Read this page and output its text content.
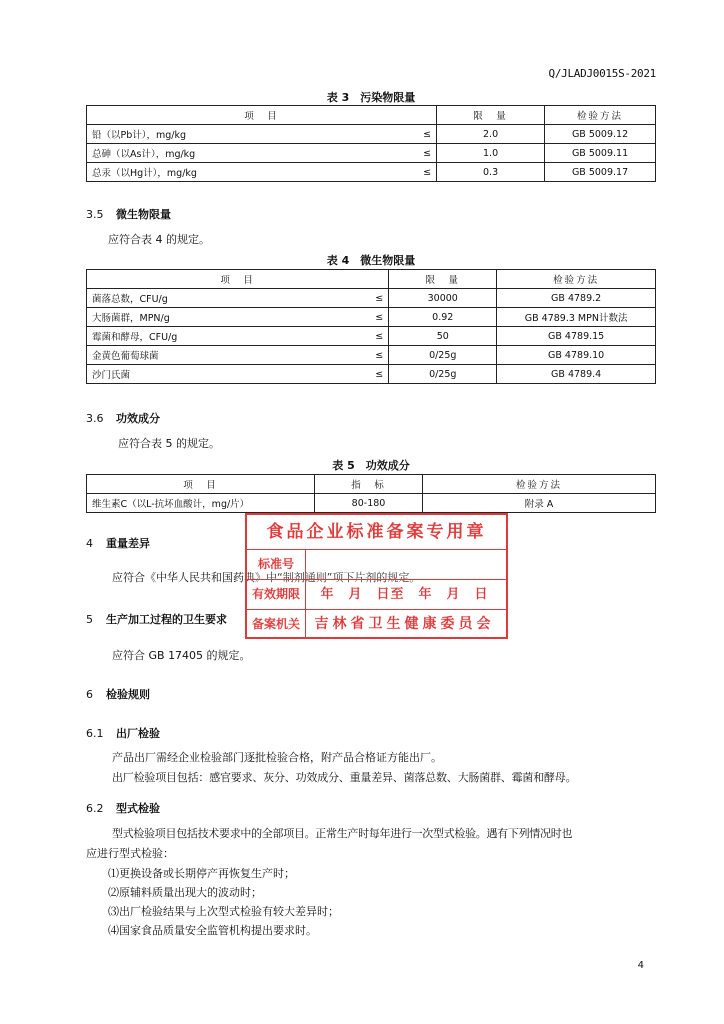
Q/JLADJ0015S-2021
表 3　污染物限量
项　目		限　量	检验方法
铅（以Pb计），mg/kg	≤	2.0	GB 5009.12
总砷（以As计），mg/kg	≤	1.0	GB 5009.11
总汞（以Hg计），mg/kg	≤	0.3	GB 5009.17
3.5 微生物限量
应符合表 4 的规定。
表 4　微生物限量
项　目		限　量	检验方法
菌落总数，CFU/g	≤	30000	GB 4789.2
大肠菌群，MPN/g	≤	0.92	GB 4789.3 MPN计数法
霉菌和酵母，CFU/g	≤	50	GB 4789.15
金黄色葡萄球菌	≤	0/25g	GB 4789.10
沙门氏菌	≤	0/25g	GB 4789.4
3.6 功效成分
应符合表 5 的规定。
表 5　功效成分
项　目	指　标	检验方法
维生素C（以L-抗坏血酸计，mg/片）	80-180	附录 A
4 重量差异
应符合《中华人民共和国药典》中“制剂通则”项下片剂的规定。
5 生产加工过程的卫生要求
应符合 GB 17405 的规定。
6 检验规则
6.1 出厂检验
产品出厂需经企业检验部门逐批检验合格，附产品合格证方能出厂。
出厂检验项目包括：感官要求、灰分、功效成分、重量差异、菌落总数、大肠菌群、霉菌和酵母。
6.2 型式检验
型式检验项目包括技术要求中的全部项目。正常生产时每年进行一次型式检验。遇有下列情况时也
应进行型式检验：
⑴更换设备或长期停产再恢复生产时；
⑵原辅料质量出现大的波动时；
⑶出厂检验结果与上次型式检验有较大差异时；
⑷国家食品质量安全监管机构提出要求时。
食品企业标准备案专用章
标准号
有效期限	年　月　日至　年　月　日
备案机关	吉林省卫生健康委员会
4
